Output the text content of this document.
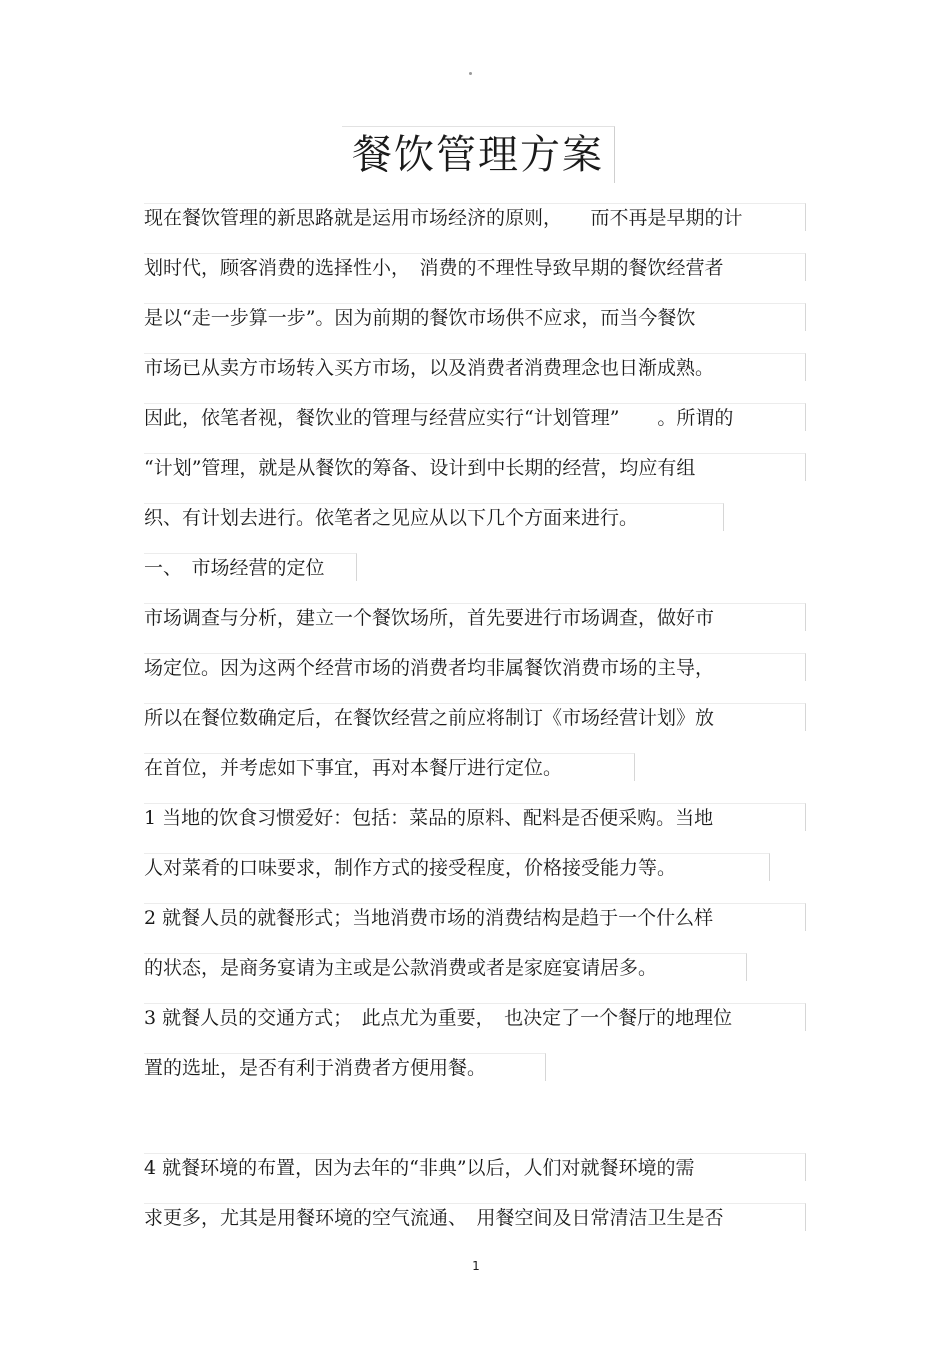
餐饮管理方案
现在餐饮管理的新思路就是运用市场经济的原则，　　而不再是早期的计
划时代，顾客消费的选择性小，　消费的不理性导致早期的餐饮经营者
是以“走一步算一步”。因为前期的餐饮市场供不应求，而当今餐饮
市场已从卖方市场转入买方市场，以及消费者消费理念也日渐成熟。
因此，依笔者视，餐饮业的管理与经营应实行“计划管理”　　。所谓的
“计划”管理，就是从餐饮的筹备、设计到中长期的经营，均应有组
织、有计划去进行。依笔者之见应从以下几个方面来进行。
一、　市场经营的定位
市场调查与分析，建立一个餐饮场所，首先要进行市场调查，做好市
场定位。因为这两个经营市场的消费者均非属餐饮消费市场的主导，
所以在餐位数确定后，在餐饮经营之前应将制订《市场经营计划》放
在首位，并考虑如下事宜，再对本餐厅进行定位。
1 当地的饮食习惯爱好：包括：菜品的原料、配料是否便采购。当地
人对菜肴的口味要求，制作方式的接受程度，价格接受能力等。
2 就餐人员的就餐形式；当地消费市场的消费结构是趋于一个什么样
的状态，是商务宴请为主或是公款消费或者是家庭宴请居多。
3 就餐人员的交通方式；　此点尤为重要，　也决定了一个餐厅的地理位
置的选址，是否有利于消费者方便用餐。
4 就餐环境的布置，因为去年的“非典”以后，人们对就餐环境的需
求更多，尤其是用餐环境的空气流通、　用餐空间及日常清洁卫生是否
1
